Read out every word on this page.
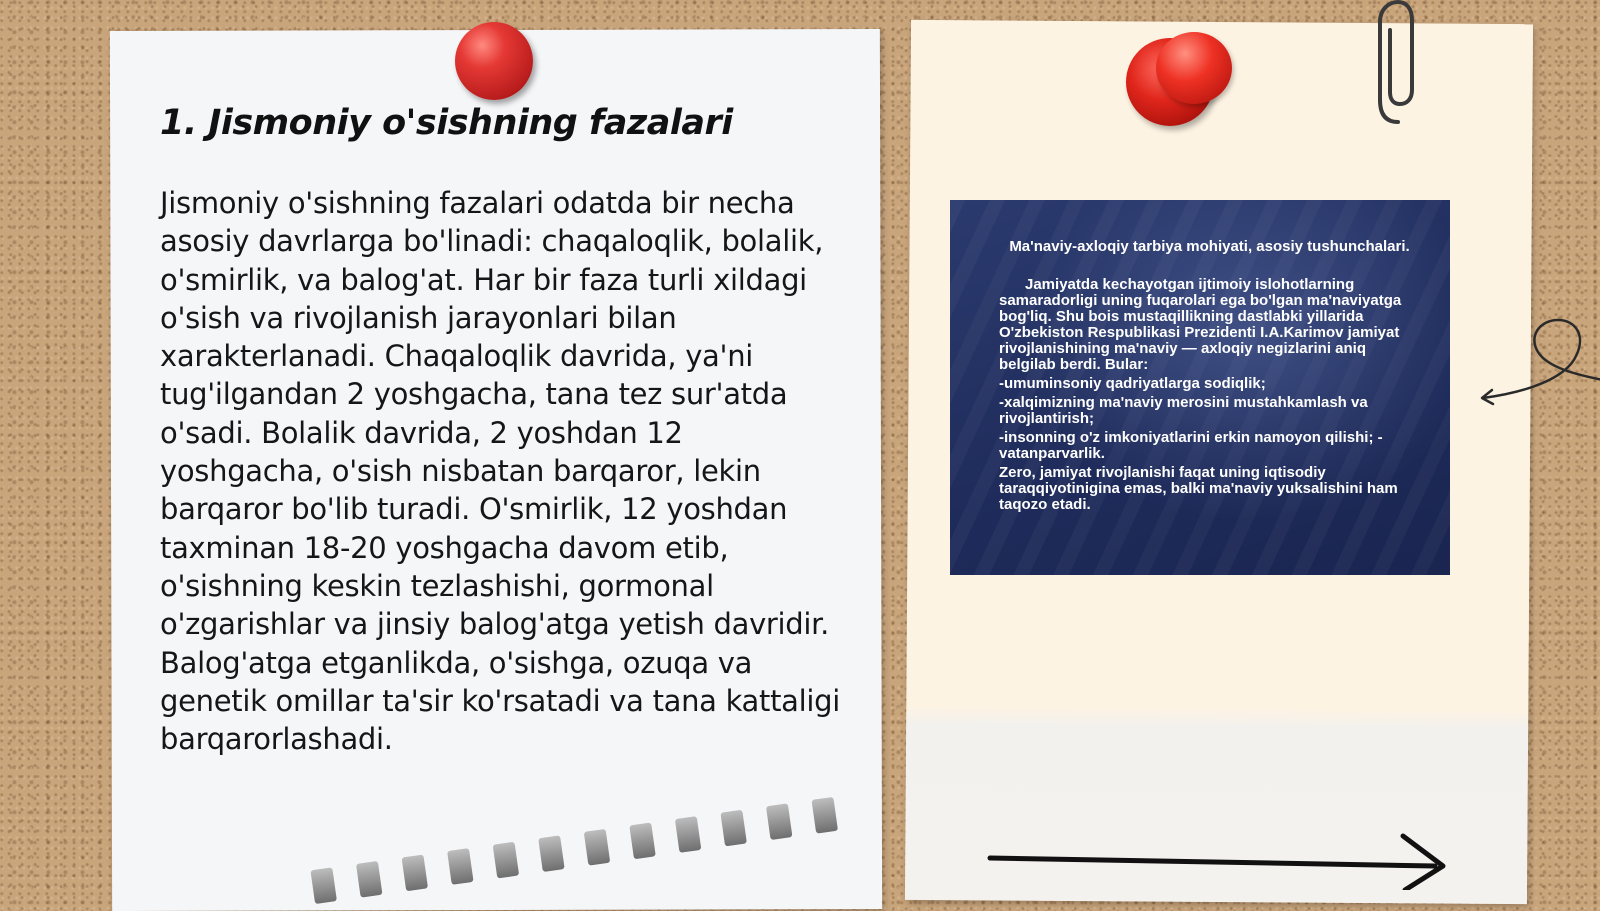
1. Jismoniy o'sishning fazalari

Jismoniy o'sishning fazalari odatda bir necha asosiy davrlarga bo'linadi: chaqaloqlik, bolalik, o'smirlik, va balog'at. Har bir faza turli xildagi o'sish va rivojlanish jarayonlari bilan xarakterlanadi. Chaqaloqlik davrida, ya'ni tug'ilgandan 2 yoshgacha, tana tez sur'atda o'sadi. Bolalik davrida, 2 yoshdan 12 yoshgacha, o'sish nisbatan barqaror, lekin barqaror bo'lib turadi. O'smirlik, 12 yoshdan taxminan 18-20 yoshgacha davom etib, o'sishning keskin tezlashishi, gormonal o'zgarishlar va jinsiy balog'atga yetish davridir. Balog'atga etganlikda, o'sishga, ozuqa va genetik omillar ta'sir ko'rsatadi va tana kattaligi barqarorlashadi.

Ma'naviy-axloqiy tarbiya mohiyati, asosiy tushunchalari.

Jamiyatda kechayotgan ijtimoiy islohotlarning samaradorligi uning fuqarolari ega bo'lgan ma'naviyatga bog'liq. Shu bois mustaqillikning dastlabki yillarida O'zbekiston Respublikasi Prezidenti I.A.Karimov jamiyat rivojlanishining ma'naviy — axloqiy negizlarini aniq belgilab berdi. Bular:

-umuminsoniy qadriyatlarga sodiqlik;

-xalqimizning ma'naviy merosini mustahkamlash va rivojlantirish;

-insonning o'z imkoniyatlarini erkin namoyon qilishi; -vatanparvarlik.

Zero, jamiyat rivojlanishi faqat uning iqtisodiy taraqqiyotinigina emas, balki ma'naviy yuksalishini ham taqozo etadi.
